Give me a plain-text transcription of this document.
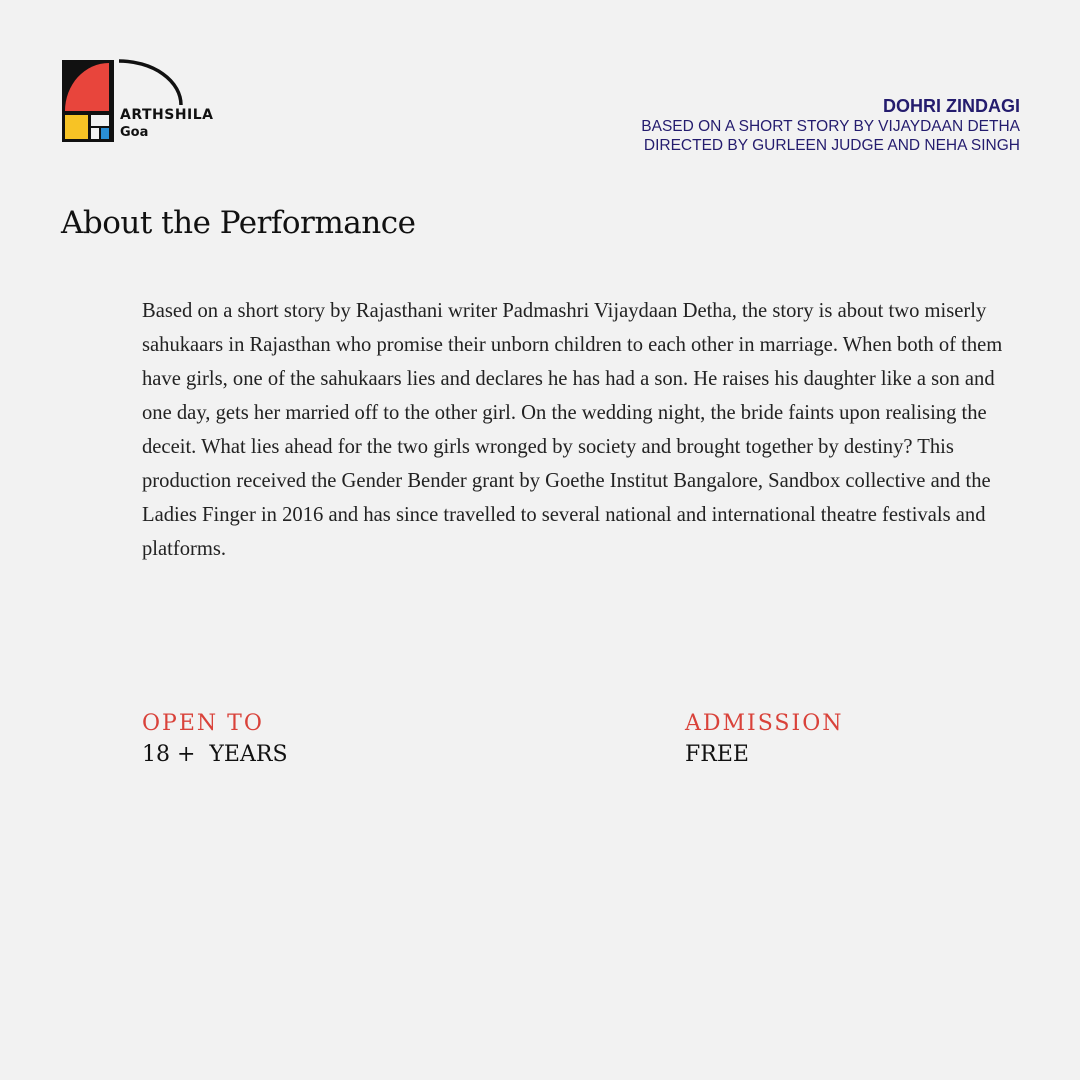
ARTHSHILA
Goa
DOHRI ZINDAGI
BASED ON A SHORT STORY BY VIJAYDAAN DETHA
DIRECTED BY GURLEEN JUDGE AND NEHA SINGH
About the Performance

Based on a short story by Rajasthani writer Padmashri Vijaydaan Detha, the story is about two miserly sahukaars in Rajasthan who promise their unborn children to each other in marriage. When both of them have girls, one of the sahukaars lies and declares he has had a son. He raises his daughter like a son and one day, gets her married off to the other girl. On the wedding night, the bride faints upon realising the deceit. What lies ahead for the two girls wronged by society and brought together by destiny? This production received the Gender Bender grant by Goethe Institut Bangalore, Sandbox collective and the Ladies Finger in 2016 and has since travelled to several national and international theatre festivals and platforms.

OPEN TO
18 +  YEARS
ADMISSION
FREE
